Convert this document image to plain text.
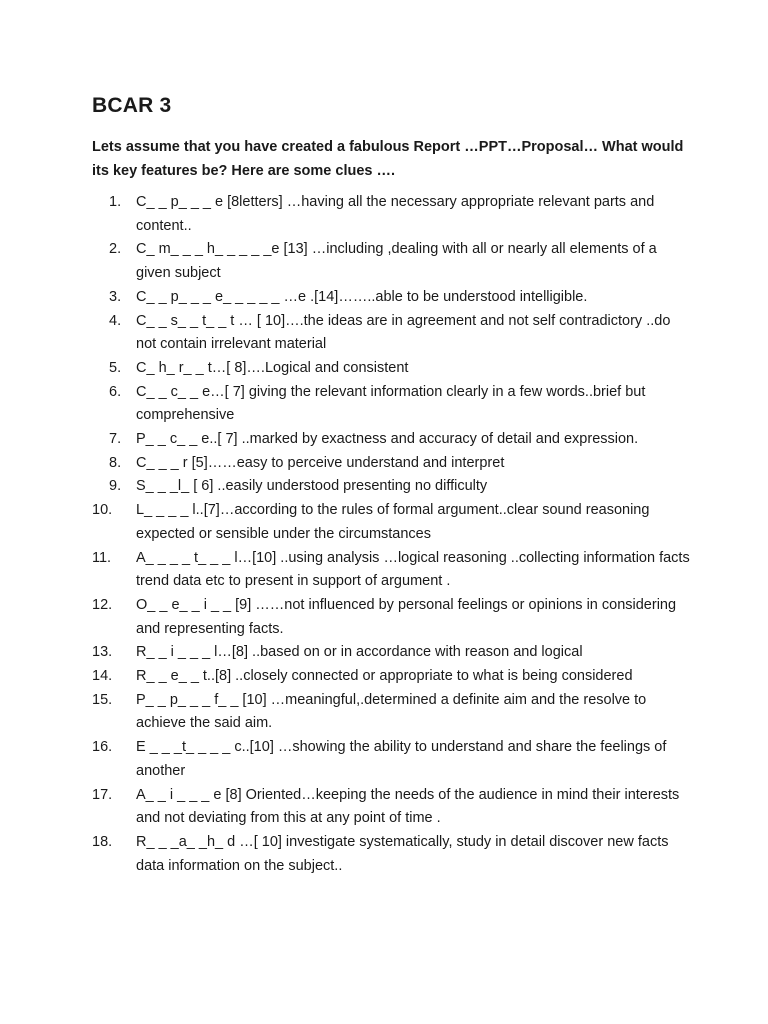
BCAR 3

Lets assume that you have created a fabulous Report …PPT…Proposal… What would its key features be? Here are some clues ….

1.	C_ _ p_ _ _ e [8letters] …having all the necessary appropriate relevant parts and content..
2.	C_ m_ _ _ h_ _ _ _ _e [13] …including ,dealing with all or nearly all elements of a given subject
3.	C_ _ p_ _ _ e_ _ _ _ _ …e .[14]……..able to be understood intelligible.
4.	C_ _ s_ _ t_ _ t … [ 10]….the ideas are in agreement and not self contradictory ..do not contain irrelevant material
5.	C_ h_ r_ _ t…[ 8]….Logical and consistent
6.	C_ _ c_ _ e…[ 7] giving the relevant information clearly in a few words..brief but comprehensive
7.	P_ _ c_ _ e..[ 7] ..marked by exactness and accuracy of detail and expression.
8.	C_ _ _ r [5]……easy to perceive understand and interpret
9.	S_ _ _l_ [ 6] ..easily understood presenting no difficulty
10.	L_ _ _ _ l..[7]…according to the rules of formal argument..clear sound reasoning expected or sensible under the circumstances
11.	A_ _ _ _ t_ _ _ l…[10] ..using analysis …logical reasoning ..collecting information facts trend data etc to present in support of argument .
12.	O_ _ e_ _ i _ _ [9] ……not influenced by personal feelings or opinions in considering and representing facts.
13.	R_ _ i _ _ _ l…[8] ..based on or in accordance with reason and logical
14.	R_ _ e_ _ t..[8] ..closely connected or appropriate to what is being considered
15.	P_ _ p_ _ _ f_ _ [10] …meaningful,.determined a definite aim and the resolve to achieve the said aim.
16.	E _ _ _t_ _ _ _ c..[10] …showing the ability to understand and share the feelings of another
17.	A_ _ i _ _ _ e [8] Oriented…keeping the needs of the audience in mind their interests and not deviating from this at any point of time .
18.	R_ _ _a_ _h_ d …[ 10] investigate systematically, study in detail discover new facts data information on the subject..
